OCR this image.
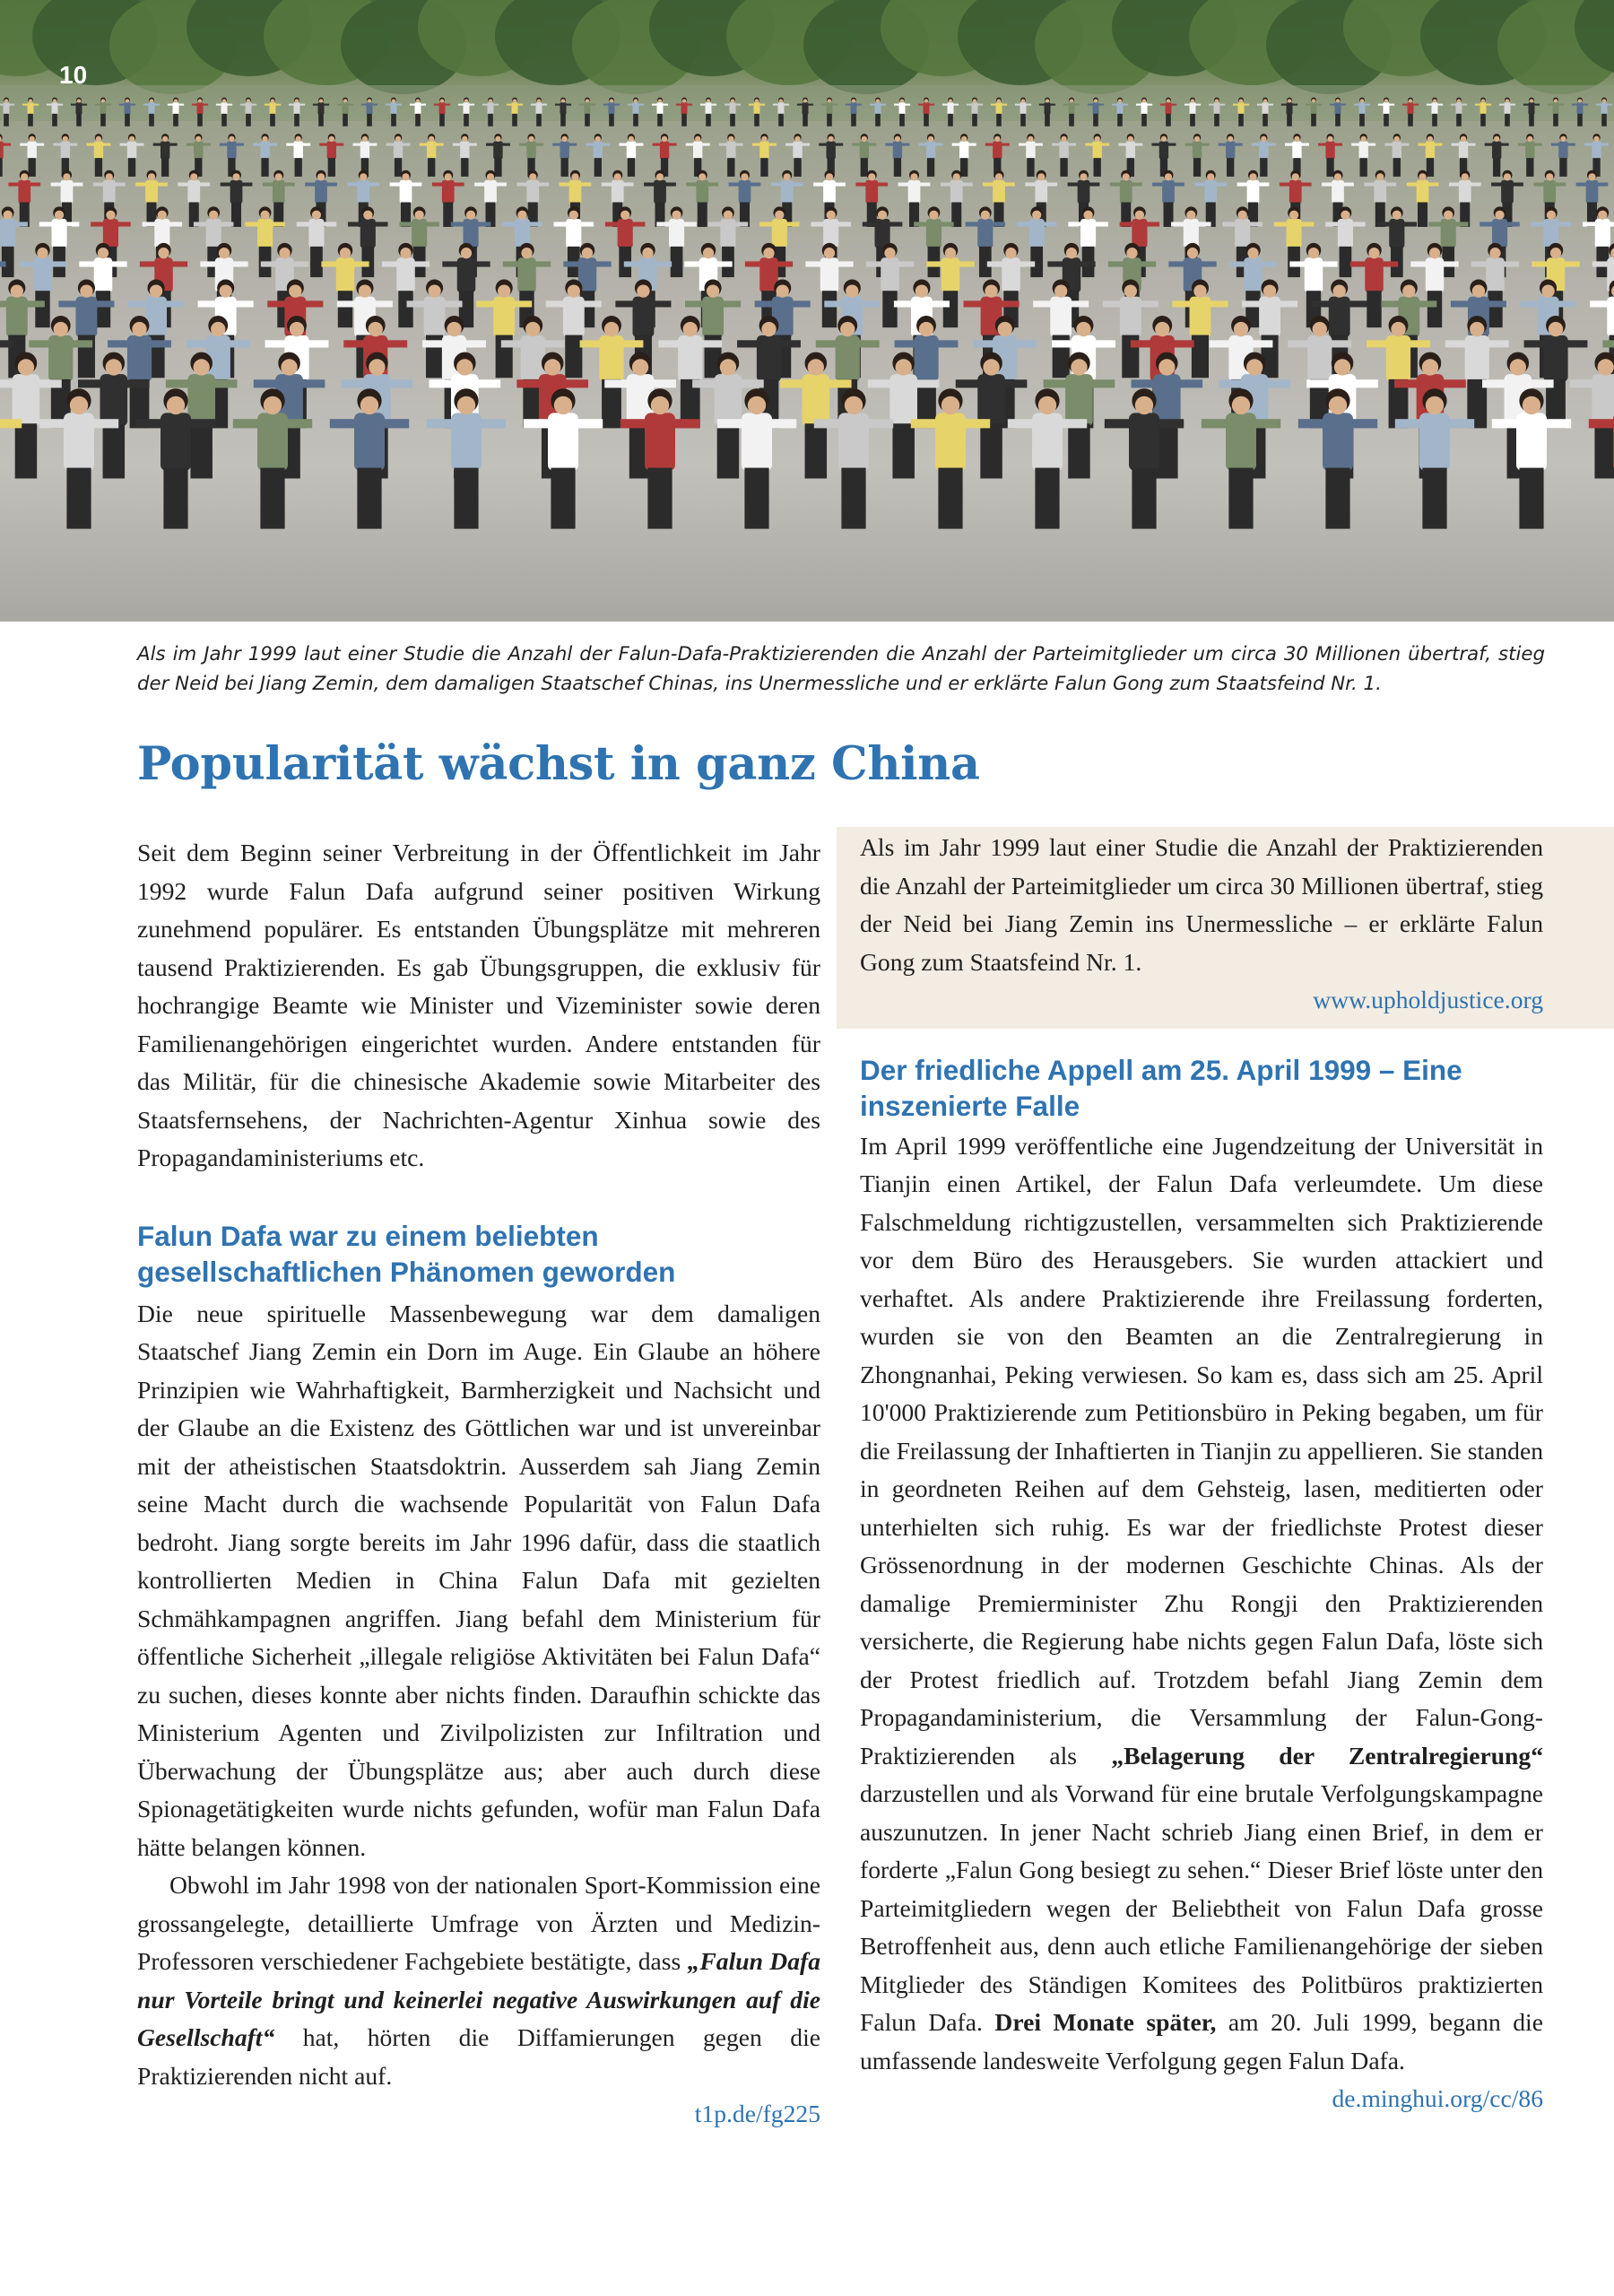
10
Als im Jahr 1999 laut einer Studie die Anzahl der Falun-Dafa-Praktizierenden die Anzahl der Parteimitglieder um circa 30 Millionen übertraf, stieg der Neid bei Jiang Zemin, dem damaligen Staatschef Chinas, ins Unermessliche und er erklärte Falun Gong zum Staatsfeind Nr. 1.
Popularität wächst in ganz China

Seit dem Beginn seiner Verbreitung in der Öffentlichkeit im Jahr 1992 wurde Falun Dafa aufgrund seiner positiven Wirkung zunehmend populärer. Es entstanden Übungsplätze mit mehreren tausend Praktizierenden. Es gab Übungsgruppen, die exklusiv für hochrangige Beamte wie Minister und Vizeminister sowie deren Familienangehörigen eingerichtet wurden. Andere entstanden für das Militär, für die chinesische Akademie sowie Mitarbeiter des Staatsfernsehens, der Nachrichten-Agentur Xinhua sowie des Propagandaministeriums etc.

Falun Dafa war zu einem beliebten gesellschaftlichen Phänomen geworden

Die neue spirituelle Massenbewegung war dem damaligen Staatschef Jiang Zemin ein Dorn im Auge. Ein Glaube an höhere Prinzipien wie Wahrhaftigkeit, Barmherzigkeit und Nachsicht und der Glaube an die Existenz des Göttlichen war und ist unvereinbar mit der atheistischen Staatsdoktrin. Ausserdem sah Jiang Zemin seine Macht durch die wachsende Popularität von Falun Dafa bedroht. Jiang sorgte bereits im Jahr 1996 dafür, dass die staatlich kontrollierten Medien in China Falun Dafa mit gezielten Schmähkampagnen angriffen. Jiang befahl dem Ministerium für öffentliche Sicherheit „illegale religiöse Aktivitäten bei Falun Dafa“ zu suchen, dieses konnte aber nichts finden. Daraufhin schickte das Ministerium Agenten und Zivilpolizisten zur Infiltration und Überwachung der Übungsplätze aus; aber auch durch diese Spionagetätigkeiten wurde nichts gefunden, wofür man Falun Dafa hätte belangen können.

Obwohl im Jahr 1998 von der nationalen Sport-Kommission eine grossangelegte, detaillierte Umfrage von Ärzten und Medizin-Professoren verschiedener Fachgebiete bestätigte, dass „Falun Dafa nur Vorteile bringt und keinerlei negative Auswirkungen auf die Gesellschaft“ hat, hörten die Diffamierungen gegen die Praktizierenden nicht auf.

t1p.de/fg225

Als im Jahr 1999 laut einer Studie die Anzahl der Praktizierenden die Anzahl der Parteimitglieder um circa 30 Millionen übertraf, stieg der Neid bei Jiang Zemin ins Unermessliche – er erklärte Falun Gong zum Staatsfeind Nr. 1.

www.upholdjustice.org
Der friedliche Appell am 25. April 1999 – Eine inszenierte Falle

Im April 1999 veröffentliche eine Jugendzeitung der Universität in Tianjin einen Artikel, der Falun Dafa verleumdete. Um diese Falschmeldung richtigzustellen, versammelten sich Praktizierende vor dem Büro des Herausgebers. Sie wurden attackiert und verhaftet. Als andere Praktizierende ihre Freilassung forderten, wurden sie von den Beamten an die Zentralregierung in Zhongnanhai, Peking verwiesen. So kam es, dass sich am 25. April 10'000 Praktizierende zum Petitionsbüro in Peking begaben, um für die Freilassung der Inhaftierten in Tianjin zu appellieren. Sie standen in geordneten Reihen auf dem Gehsteig, lasen, meditierten oder unterhielten sich ruhig. Es war der friedlichste Protest dieser Grössenordnung in der modernen Geschichte Chinas. Als der damalige Premierminister Zhu Rongji den Praktizierenden versicherte, die Regierung habe nichts gegen Falun Dafa, löste sich der Protest friedlich auf. Trotzdem befahl Jiang Zemin dem Propagandaministerium, die Versammlung der Falun-Gong-Praktizierenden als „Belagerung der Zentralregierung“ darzustellen und als Vorwand für eine brutale Verfolgungskampagne auszunutzen. In jener Nacht schrieb Jiang einen Brief, in dem er forderte „Falun Gong besiegt zu sehen.“ Dieser Brief löste unter den Parteimitgliedern wegen der Beliebtheit von Falun Dafa grosse Betroffenheit aus, denn auch etliche Familienangehörige der sieben Mitglieder des Ständigen Komitees des Politbüros praktizierten Falun Dafa. Drei Monate später, am 20. Juli 1999, begann die umfassende landesweite Verfolgung gegen Falun Dafa.
de.minghui.org/cc/86
